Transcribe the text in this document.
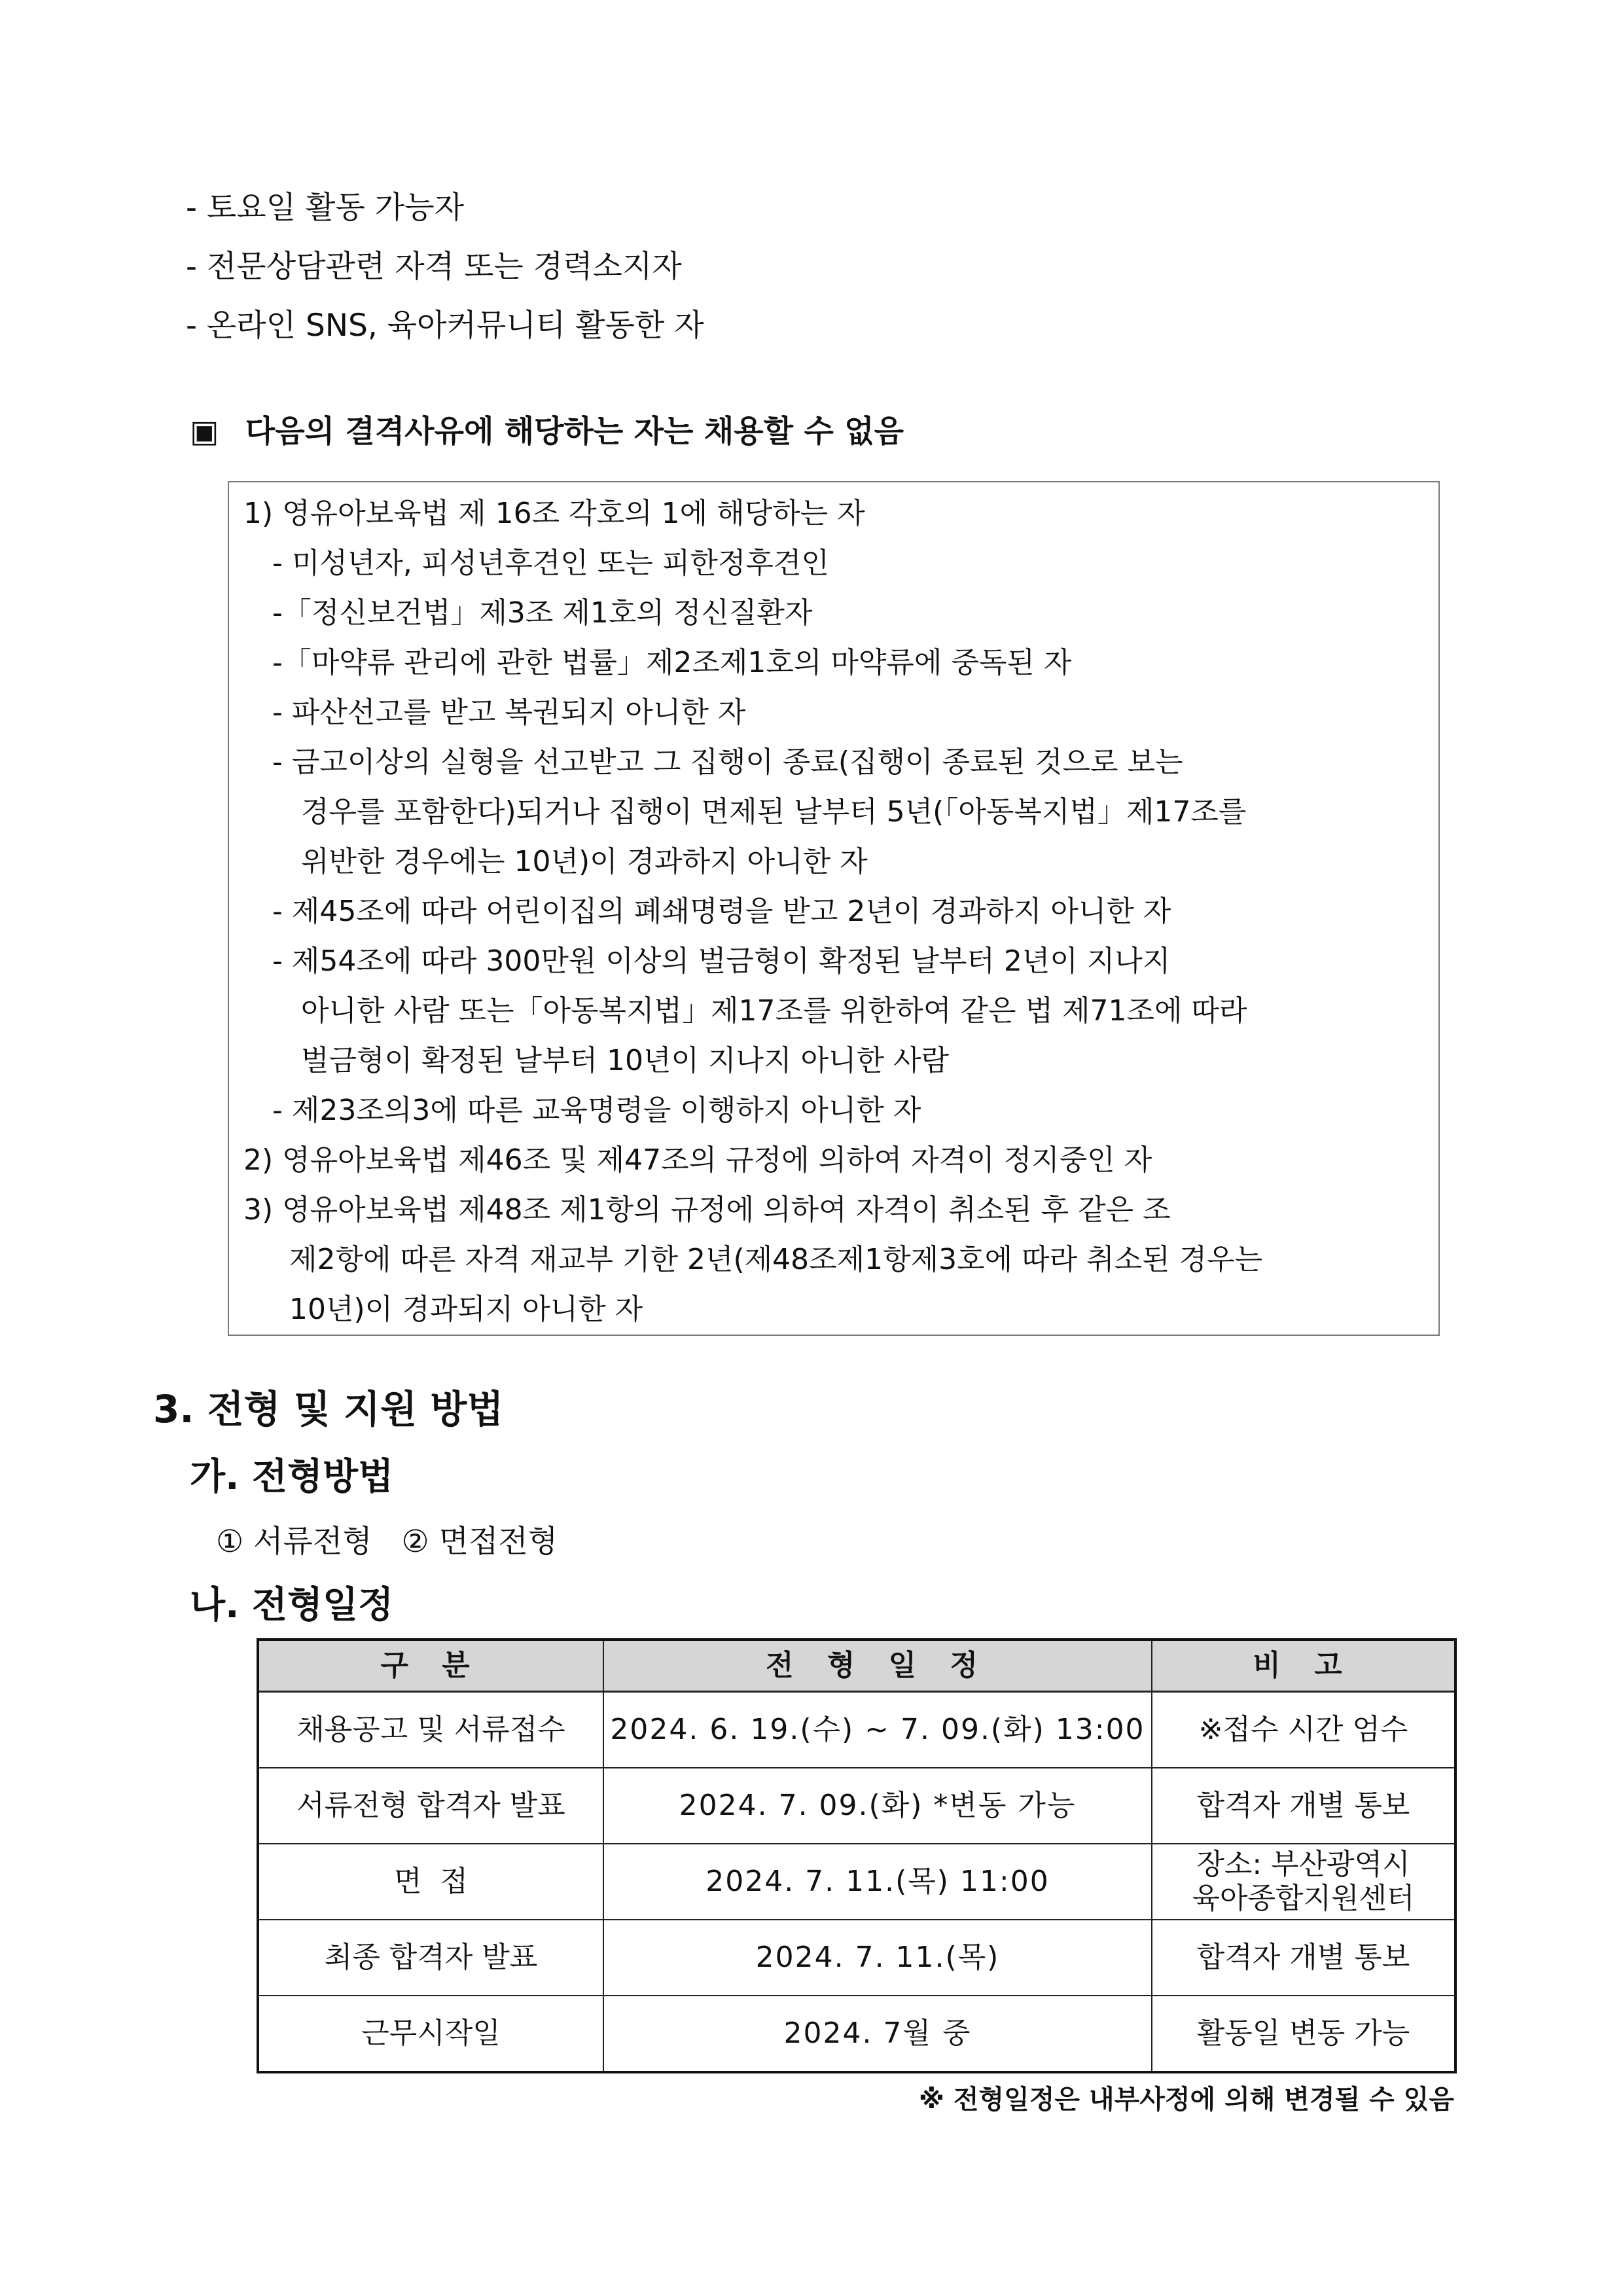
- 토요일 활동 가능자
- 전문상담관련 자격 또는 경력소지자
- 온라인 SNS, 육아커뮤니티 활동한 자
▣ 다음의 결격사유에 해당하는 자는 채용할 수 없음
1) 영유아보육법 제 16조 각호의 1에 해당하는 자
- 미성년자, 피성년후견인 또는 피한정후견인
-「정신보건법」제3조 제1호의 정신질환자
-「마약류 관리에 관한 법률」제2조제1호의 마약류에 중독된 자
- 파산선고를 받고 복권되지 아니한 자
- 금고이상의 실형을 선고받고 그 집행이 종료(집행이 종료된 것으로 보는
경우를 포함한다)되거나 집행이 면제된 날부터 5년(「아동복지법」제17조를
위반한 경우에는 10년)이 경과하지 아니한 자
- 제45조에 따라 어린이집의 폐쇄명령을 받고 2년이 경과하지 아니한 자
- 제54조에 따라 300만원 이상의 벌금형이 확정된 날부터 2년이 지나지
아니한 사람 또는「아동복지법」제17조를 위한하여 같은 법 제71조에 따라
벌금형이 확정된 날부터 10년이 지나지 아니한 사람
- 제23조의3에 따른 교육명령을 이행하지 아니한 자
2) 영유아보육법 제46조 및 제47조의 규정에 의하여 자격이 정지중인 자
3) 영유아보육법 제48조 제1항의 규정에 의하여 자격이 취소된 후 같은 조
제2항에 따른 자격 재교부 기한 2년(제48조제1항제3호에 따라 취소된 경우는
10년)이 경과되지 아니한 자
3. 전형 및 지원 방법
가. 전형방법
① 서류전형   ② 면접전형
나. 전형일정
구 분	전 형 일 정	비 고
채용공고 및 서류접수	2024. 6. 19.(수) ~ 7. 09.(화) 13:00	※접수 시간 엄수
서류전형 합격자 발표	2024. 7. 09.(화) *변동 가능	합격자 개별 통보
면  접	2024. 7. 11.(목) 11:00	장소: 부산광역시
육아종합지원센터

최종 합격자 발표	2024. 7. 11.(목)	합격자 개별 통보
근무시작일	2024. 7월 중	활동일 변동 가능
※ 전형일정은 내부사정에 의해 변경될 수 있음
